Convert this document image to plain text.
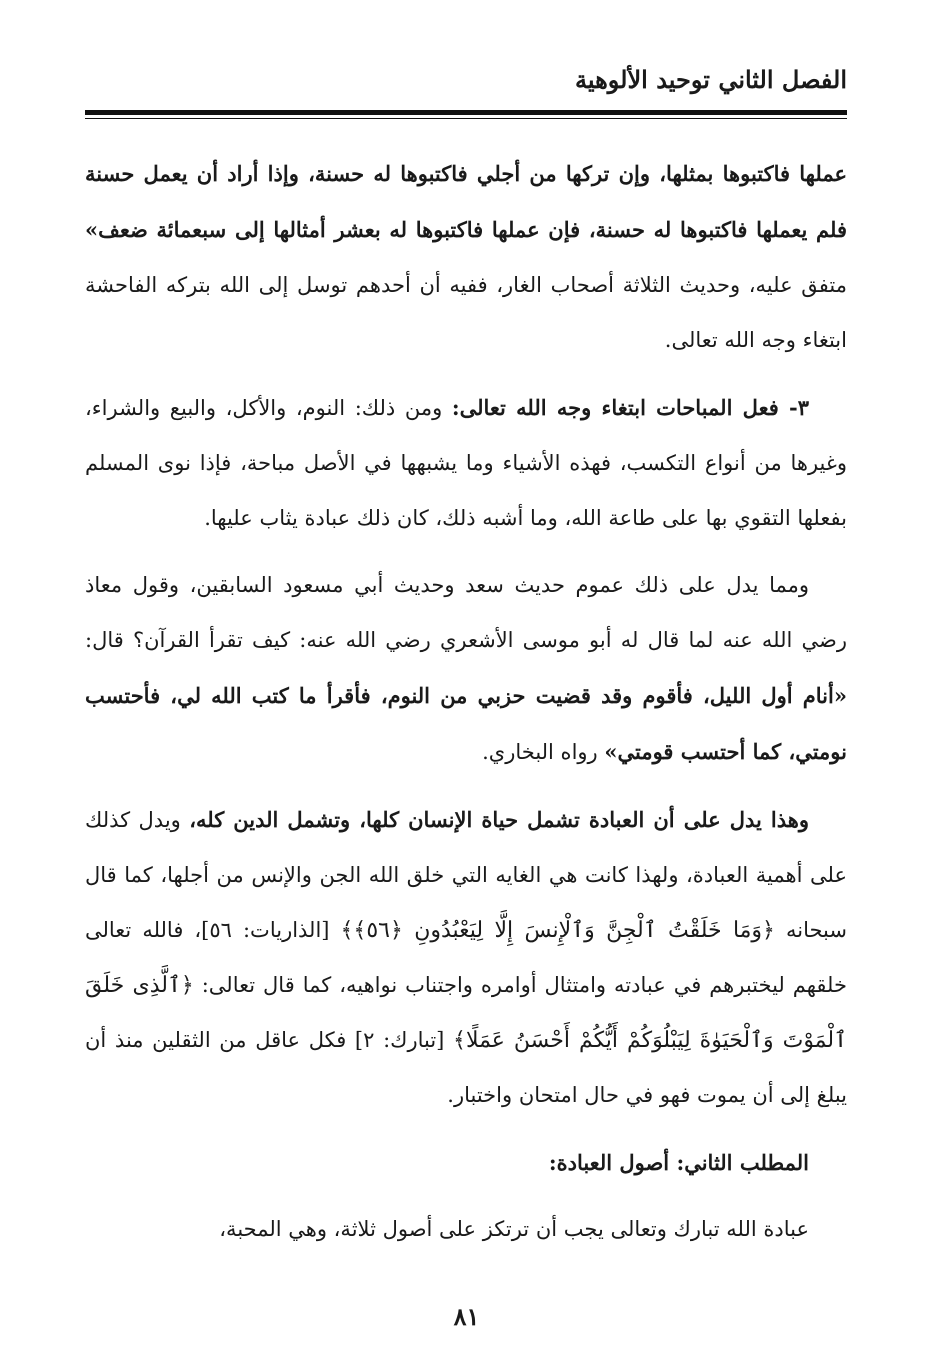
الفصل الثاني توحيد الألوهية

عملها فاكتبوها بمثلها، وإن تركها من أجلي فاكتبوها له حسنة، وإذا أراد أن يعمل حسنة فلم يعملها فاكتبوها له حسنة، فإن عملها فاكتبوها له بعشر أمثالها إلى سبعمائة ضعف» متفق عليه، وحديث الثلاثة أصحاب الغار، ففيه أن أحدهم توسل إلى الله بتركه الفاحشة ابتغاء وجه الله تعالى.

٣- فعل المباحات ابتغاء وجه الله تعالى: ومن ذلك: النوم، والأكل، والبيع والشراء، وغيرها من أنواع التكسب، فهذه الأشياء وما يشبهها في الأصل مباحة، فإذا نوى المسلم بفعلها التقوي بها على طاعة الله، وما أشبه ذلك، كان ذلك عبادة يثاب عليها.

ومما يدل على ذلك عموم حديث سعد وحديث أبي مسعود السابقين، وقول معاذ رضي الله عنه لما قال له أبو موسى الأشعري رضي الله عنه: كيف تقرأ القرآن؟ قال: «أنام أول الليل، فأقوم وقد قضيت حزبي من النوم، فأقرأ ما كتب الله لي، فأحتسب نومتي، كما أحتسب قومتي» رواه البخاري.

وهذا يدل على أن العبادة تشمل حياة الإنسان كلها، وتشمل الدين كله، ويدل كذلك على أهمية العبادة، ولهذا كانت هي الغايه التي خلق الله الجن والإنس من أجلها، كما قال سبحانه ﴿وَمَا خَلَقْتُ ٱلْجِنَّ وَٱلْإِنسَ إِلَّا لِيَعْبُدُونِ ﴿٥٦﴾﴾ [الذاريات: ٥٦]، فالله تعالى خلقهم ليختبرهم في عبادته وامتثال أوامره واجتناب نواهيه، كما قال تعالى: ﴿ٱلَّذِى خَلَقَ ٱلْمَوْتَ وَٱلْحَيَوٰةَ لِيَبْلُوَكُمْ أَيُّكُمْ أَحْسَنُ عَمَلًا﴾ [تبارك: ٢] فكل عاقل من الثقلين منذ أن يبلغ إلى أن يموت فهو في حال امتحان واختبار.

المطلب الثاني: أصول العبادة:

عبادة الله تبارك وتعالى يجب أن ترتكز على أصول ثلاثة، وهي المحبة،

٨١
